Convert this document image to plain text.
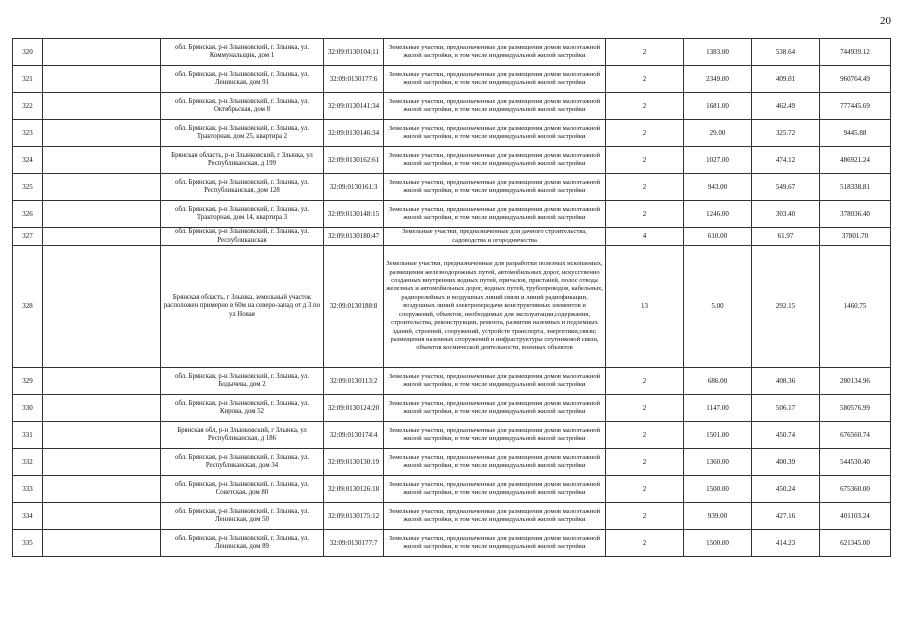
20
320		обл. Брянская, р-н Злынковский, г. Злынка, ул. Коммунальщик, дом 1	32:09:0130104:11	Земельные участки, предназначенные для размещения домов малоэтажной жилой застройки, в том числе индивидуальной жилой застройки	2	1383.00	538.64	744939.12
321		обл. Брянская, р-н Злынковский, г. Злынка, ул. Ленинская, дом 91	32:09:0130177:6	Земельные участки, предназначенные для размещения домов малоэтажной жилой застройки, в том числе индивидуальной жилой застройки	2	2349.00	409.01	960764.49
322		обл. Брянская, р-н Злынковский, г. Злынка, ул. Октябрьская, дом 8	32:09:0130141:34	Земельные участки, предназначенные для размещения домов малоэтажной жилой застройки, в том числе индивидуальной жилой застройки	2	1681.00	462.49	777445.69
323		обл. Брянская, р-н Злынковский, г. Злынка, ул. Тракторная, дом 25, квартира 2	32:09:0130146:34	Земельные участки, предназначенные для размещения домов малоэтажной жилой застройки, в том числе индивидуальной жилой застройки	2	29.00	325.72	9445.88
324		Брянская область, р-н Злынковский, г Злынка, ул Республиканская, д 199	32:09:0130162:61	Земельные участки, предназначенные для размещения домов малоэтажной жилой застройки, в том числе индивидуальной жилой застройки	2	1027.00	474.12	486921.24
325		обл. Брянская, р-н Злынковский, г. Злынка, ул. Республиканская, дом 128	32:09:0130161:3	Земельные участки, предназначенные для размещения домов малоэтажной жилой застройки, в том числе индивидуальной жилой застройки	2	943.00	549.67	518338.81
326		обл. Брянская, р-н Злынковский, г. Злынка, ул. Тракторная, дом 14, квартира 3	32:09:0130148:15	Земельные участки, предназначенные для размещения домов малоэтажной жилой застройки, в том числе индивидуальной жилой застройки	2	1246.00	303.40	378036.40
327		обл. Брянская, р-н Злынковский, г. Злынка, ул. Республиканская	32:09:0130180:47	Земельные участки, предназначенные для дачного строительства, садоводства и огородничества	4	610.00	61.97	37801.70
328		Брянская область, г Злынка, земельный участок расположен примерно в 60м на северо-запад от д 3 по ул Новая	32:09:0130188:8	Земельные участки, предназначенные для разработки полезных ископаемых, размещения железнодорожных путей, автомобильных дорог, искусственно созданных внутренних водных путей, причалов, пристаней, полос отвода железных и автомобильных дорог, водных путей, трубопроводов, кабельных, радиорелейных и воздушных линий связи и линий радиофикации, воздушных линий электропередачи конструктивных элементов и сооружений, объектов, необходимых для эксплуатации,содержания, строительства, реконструкции, ремонта, развития наземных и подземных зданий, строений, сооружений, устройств транспорта, энергетики,связи; размещения наземных сооружений и инфраструктуры спутниковой связи, объектов космической деятельности, военных объектов	13	5.00	292.15	1460.75
329		обл. Брянская, р-н Злынковский, г. Злынка, ул. Бодычева, дом 2	32:09:0130113:2	Земельные участки, предназначенные для размещения домов малоэтажной жилой застройки, в том числе индивидуальной жилой застройки	2	686.00	408.36	280134.96
330		обл. Брянская, р-н Злынковский, г. Злынка, ул. Кирова, дом 52	32:09:0130124:20	Земельные участки, предназначенные для размещения домов малоэтажной жилой застройки, в том числе индивидуальной жилой застройки	2	1147.00	506.17	580576.99
331		Брянская обл, р-н Злынковский, г Злынка, ул Республиканская, д 186	32:09:0130174:4	Земельные участки, предназначенные для размещения домов малоэтажной жилой застройки, в том числе индивидуальной жилой застройки	2	1501.00	450.74	676560.74
332		обл. Брянская, р-н Злынковский, г. Злынка, ул. Республиканская, дом 34	32:09:0130130:19	Земельные участки, предназначенные для размещения домов малоэтажной жилой застройки, в том числе индивидуальной жилой застройки	2	1360.00	400.39	544530.40
333		обл. Брянская, р-н Злынковский, г. Злынка, ул. Советская, дом 80	32:09:0130126:18	Земельные участки, предназначенные для размещения домов малоэтажной жилой застройки, в том числе индивидуальной жилой застройки	2	1500.00	450.24	675360.00
334		обл. Брянская, р-н Злынковский, г. Злынка, ул. Ленинская, дом 50	32:09:0130175:12	Земельные участки, предназначенные для размещения домов малоэтажной жилой застройки, в том числе индивидуальной жилой застройки	2	939.00	427.16	401103.24
335		обл. Брянская, р-н Злынковский, г. Злынка, ул. Ленинская, дом 89	32:09:0130177:7	Земельные участки, предназначенные для размещения домов малоэтажной жилой застройки, в том числе индивидуальной жилой застройки	2	1500.00	414.23	621345.00
